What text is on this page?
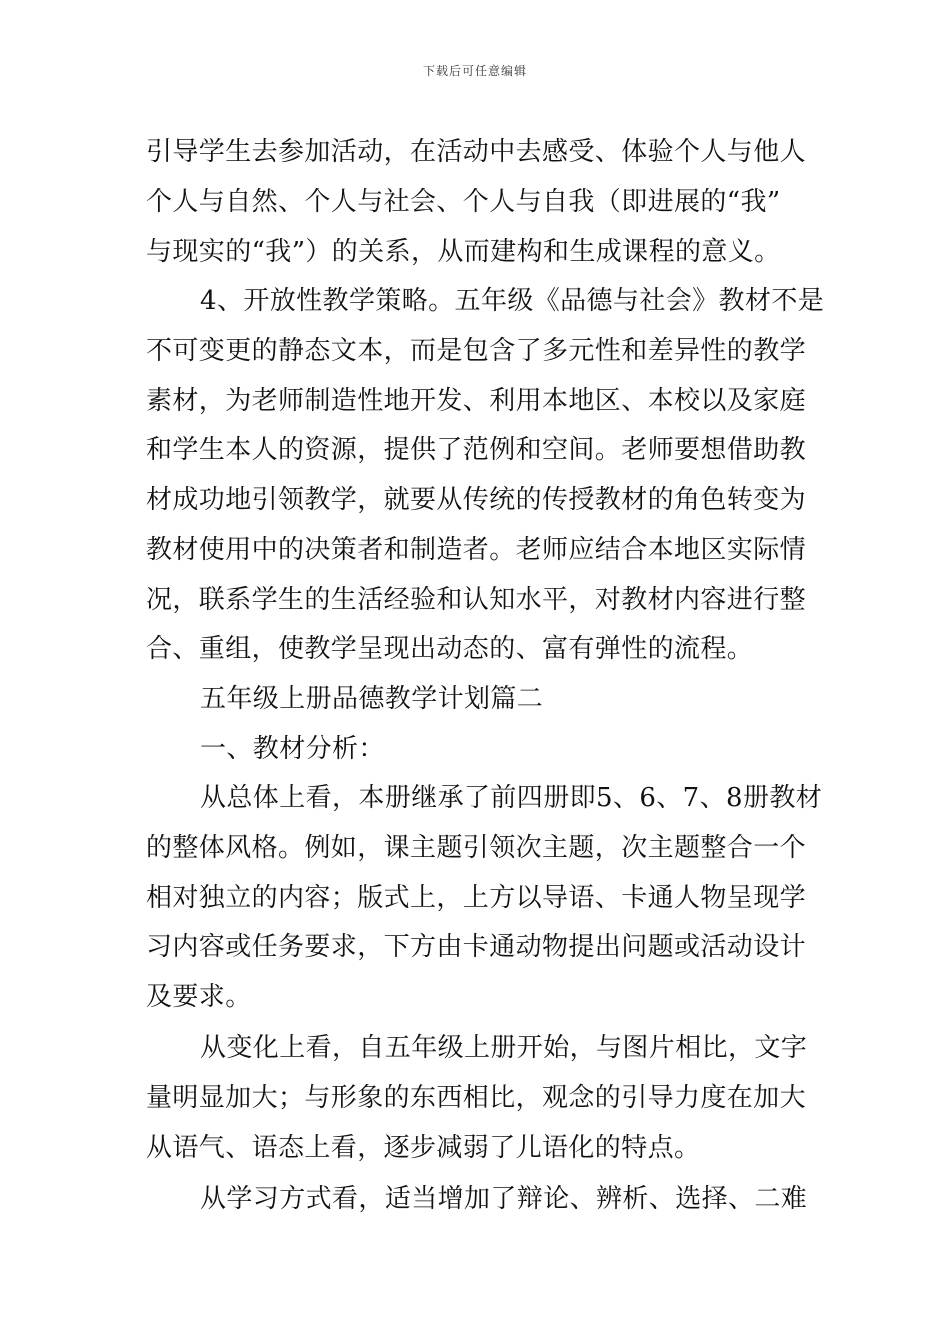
下载后可任意编辑
引导学生去参加活动，在活动中去感受、体验个人与他人
个人与自然、个人与社会、个人与自我（即进展的“我”
与现实的“我”）的关系，从而建构和生成课程的意义。
4、开放性教学策略。五年级《品德与社会》教材不是
不可变更的静态文本，而是包含了多元性和差异性的教学
素材，为老师制造性地开发、利用本地区、本校以及家庭
和学生本人的资源，提供了范例和空间。老师要想借助教
材成功地引领教学，就要从传统的传授教材的角色转变为
教材使用中的决策者和制造者。老师应结合本地区实际情
况，联系学生的生活经验和认知水平，对教材内容进行整
合、重组，使教学呈现出动态的、富有弹性的流程。
五年级上册品德教学计划篇二
一、教材分析：
从总体上看，本册继承了前四册即5、6、7、8册教材
的整体风格。例如，课主题引领次主题，次主题整合一个
相对独立的内容；版式上，上方以导语、卡通人物呈现学
习内容或任务要求，下方由卡通动物提出问题或活动设计
及要求。
从变化上看，自五年级上册开始，与图片相比，文字
量明显加大；与形象的东西相比，观念的引导力度在加大
从语气、语态上看，逐步减弱了儿语化的特点。
从学习方式看，适当增加了辩论、辨析、选择、二难
